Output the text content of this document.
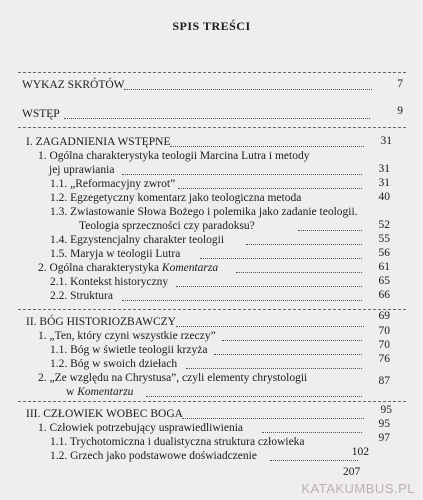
SPIS TREŚCI
WYKAZ SKRÓTÓW	7
WSTĘP	9
I. ZAGADNIENIA WSTĘPNE	31
1. Ogólna charakterystyka teologii Marcina Lutra i metody
jej uprawiania	31
1.1. „Reformacyjny zwrot”	31
1.2. Egzegetyczny komentarz jako teologiczna metoda	40
1.3. Zwiastowanie Słowa Bożego i polemika jako zadanie teologii.
Teologia sprzeczności czy paradoksu?	52
1.4. Egzystencjalny charakter teologii	55
1.5. Maryja w teologii Lutra	56
2. Ogólna charakterystyka Komentarza	61
2.1. Kontekst historyczny	65
2.2. Struktura	66
II. BÓG HISTORIOZBAWCZY	69
1. „Ten, który czyni wszystkie rzeczy”	70
1.1. Bóg w świetle teologii krzyża	70
1.2. Bóg w swoich dziełach	76
2. „Ze względu na Chrystusa”, czyli elementy chrystologii
w Komentarzu
87
III. CZŁOWIEK WOBEC BOGA	95
1. Człowiek potrzebujący usprawiedliwienia	95
1.1. Trychotomiczna i dualistyczna struktura człowieka	97
1.2. Grzech jako podstawowe doświadczenie	102
207
KATAKUMBUS.PL
